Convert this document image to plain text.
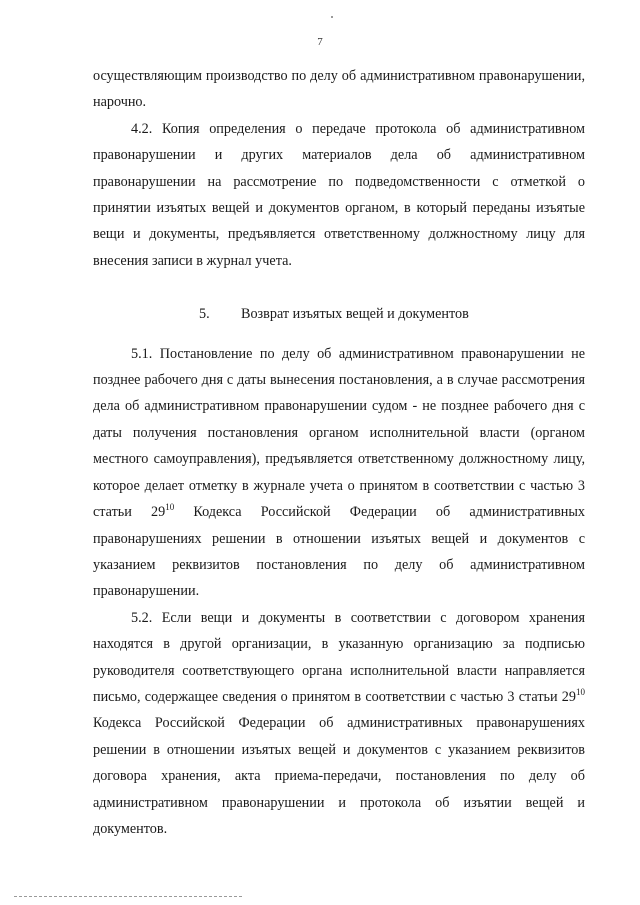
7

осуществляющим производство по делу об административном правонарушении, нарочно.

4.2. Копия определения о передаче протокола об административном правонарушении и других материалов дела об административном правонарушении на рассмотрение по подведомственности с отметкой о принятии изъятых вещей и документов органом, в который переданы изъятые вещи и документы, предъявляется ответственному должностному лицу для внесения записи в журнал учета.

5. Возврат изъятых вещей и документов

5.1. Постановление по делу об административном правонарушении не позднее рабочего дня с даты вынесения постановления, а в случае рассмотрения дела об административном правонарушении судом - не позднее рабочего дня с даты получения постановления органом исполнительной власти (органом местного самоуправления), предъявляется ответственному должностному лицу, которое делает отметку в журнале учета о принятом в соответствии с частью 3 статьи $29^{10}$ Кодекса Российской Федерации об административных правонарушениях решении в отношении изъятых вещей и документов с указанием реквизитов постановления по делу об административном правонарушении.

5.2. Если вещи и документы в соответствии с договором хранения находятся в другой организации, в указанную организацию за подписью руководителя соответствующего органа исполнительной власти направляется письмо, содержащее сведения о принятом в соответствии с частью 3 статьи $29^{10}$ Кодекса Российской Федерации об административных правонарушениях решении в отношении изъятых вещей и документов с указанием реквизитов договора хранения, акта приема-передачи, постановления по делу об административном правонарушении и протокола об изъятии вещей и документов.
